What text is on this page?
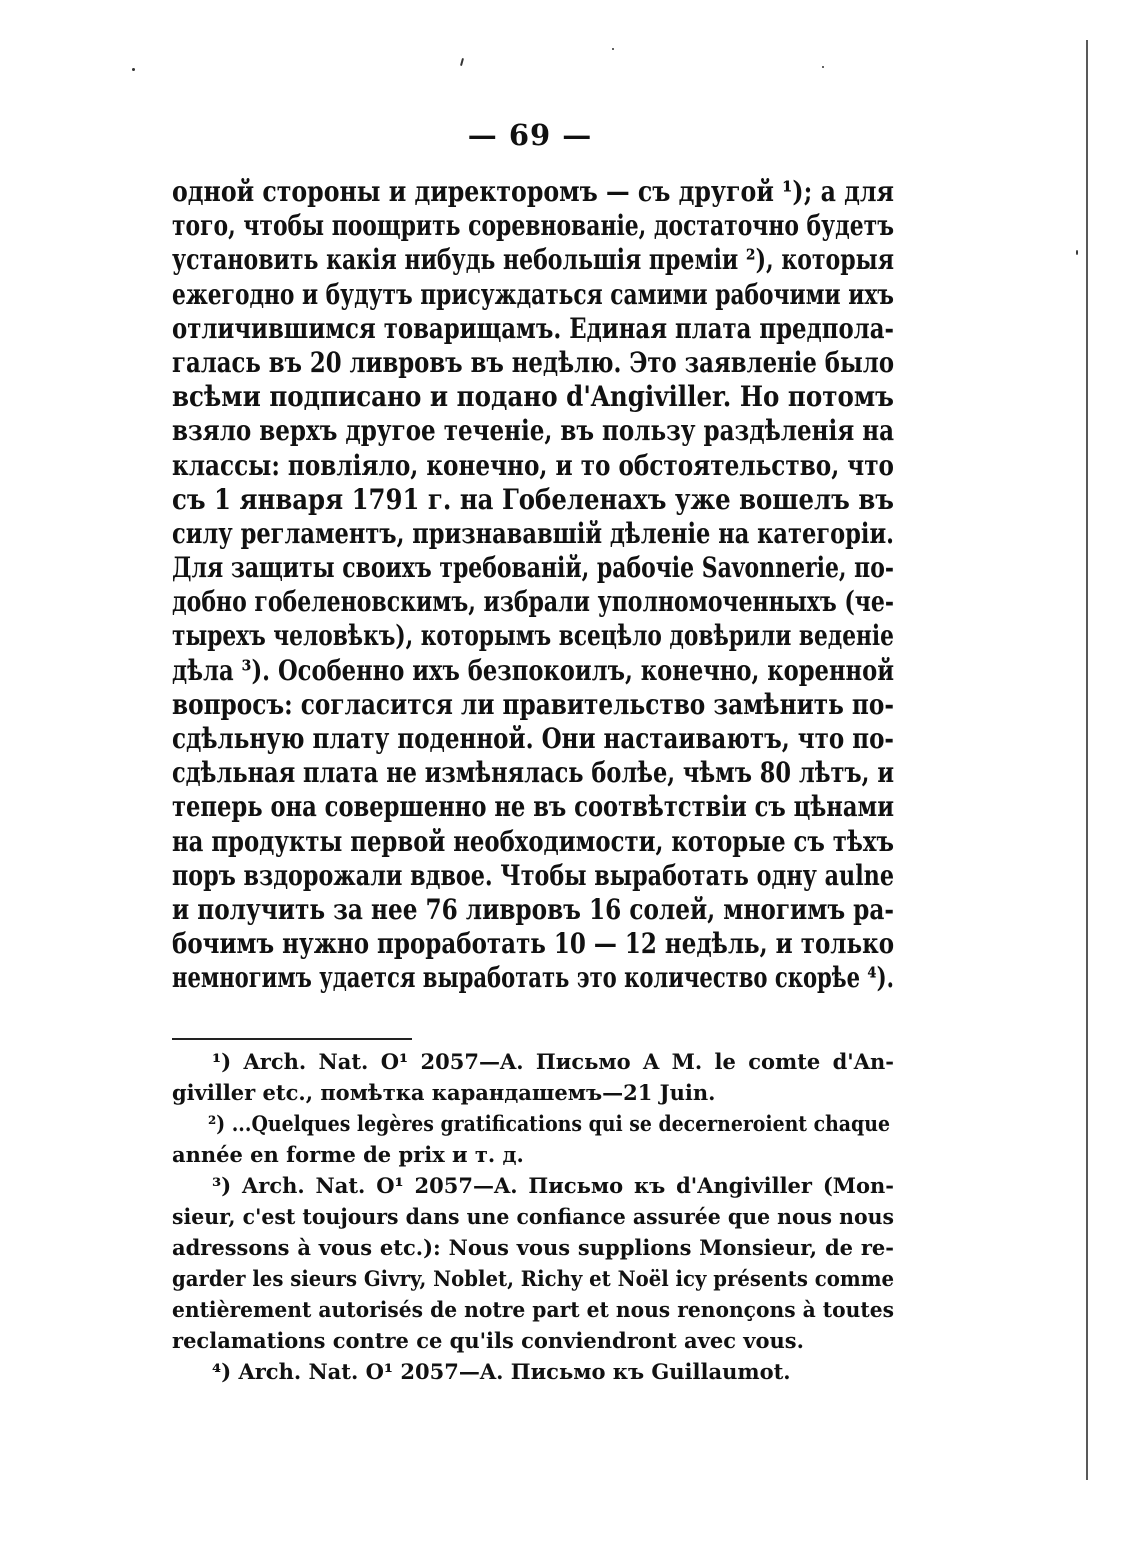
— 69 —
одной стороны и директоромъ — съ другой ¹); а для
того, чтобы поощрить соревнованіе, достаточно будетъ
установить какія нибудь небольшія преміи ²), которыя
ежегодно и будутъ присуждаться самими рабочими ихъ
отличившимся товарищамъ. Единая плата предпола-
галась въ 20 ливровъ въ недѣлю. Это заявленіе было
всѣми подписано и подано d'Angiviller. Но потомъ
взяло верхъ другое теченіе, въ пользу раздѣленія на
классы: повліяло, конечно, и то обстоятельство, что
съ 1 января 1791 г. на Гобеленахъ уже вошелъ въ
силу регламентъ, признававшій дѣленіе на категоріи.
Для защиты своихъ требованій, рабочіе Savonnerie, по-
добно гобеленовскимъ, избрали уполномоченныхъ (че-
тырехъ человѣкъ), которымъ всецѣло довѣрили веденіе
дѣла ³). Особенно ихъ безпокоилъ, конечно, коренной
вопросъ: согласится ли правительство замѣнить по-
сдѣльную плату поденной. Они настаиваютъ, что по-
сдѣльная плата не измѣнялась болѣе, чѣмъ 80 лѣтъ, и
теперь она совершенно не въ соотвѣтствіи съ цѣнами
на продукты первой необходимости, которые съ тѣхъ
поръ вздорожали вдвое. Чтобы выработать одну aulne
и получить за нее 76 ливровъ 16 солей, многимъ ра-
бочимъ нужно проработать 10 — 12 недѣль, и только
немногимъ удается выработать это количество скорѣе ⁴).
¹) Arch. Nat. O¹ 2057—A. Письмо A M. le comte d'An-
giviller etc., помѣтка карандашемъ—21 Juin.
²) ...Quelques legères gratifications qui se decerneroient chaque
année en forme de prix и т. д.
³) Arch. Nat. O¹ 2057—A. Письмо къ d'Angiviller (Mon-
sieur, c'est toujours dans une confiance assurée que nous nous
adressons à vous etc.): Nous vous supplions Monsieur, de re-
garder les sieurs Givry, Noblet, Richy et Noël icy présents comme
entièrement autorisés de notre part et nous renonçons à toutes
reclamations contre ce qu'ils conviendront avec vous.
⁴) Arch. Nat. O¹ 2057—A. Письмо къ Guillaumot.
